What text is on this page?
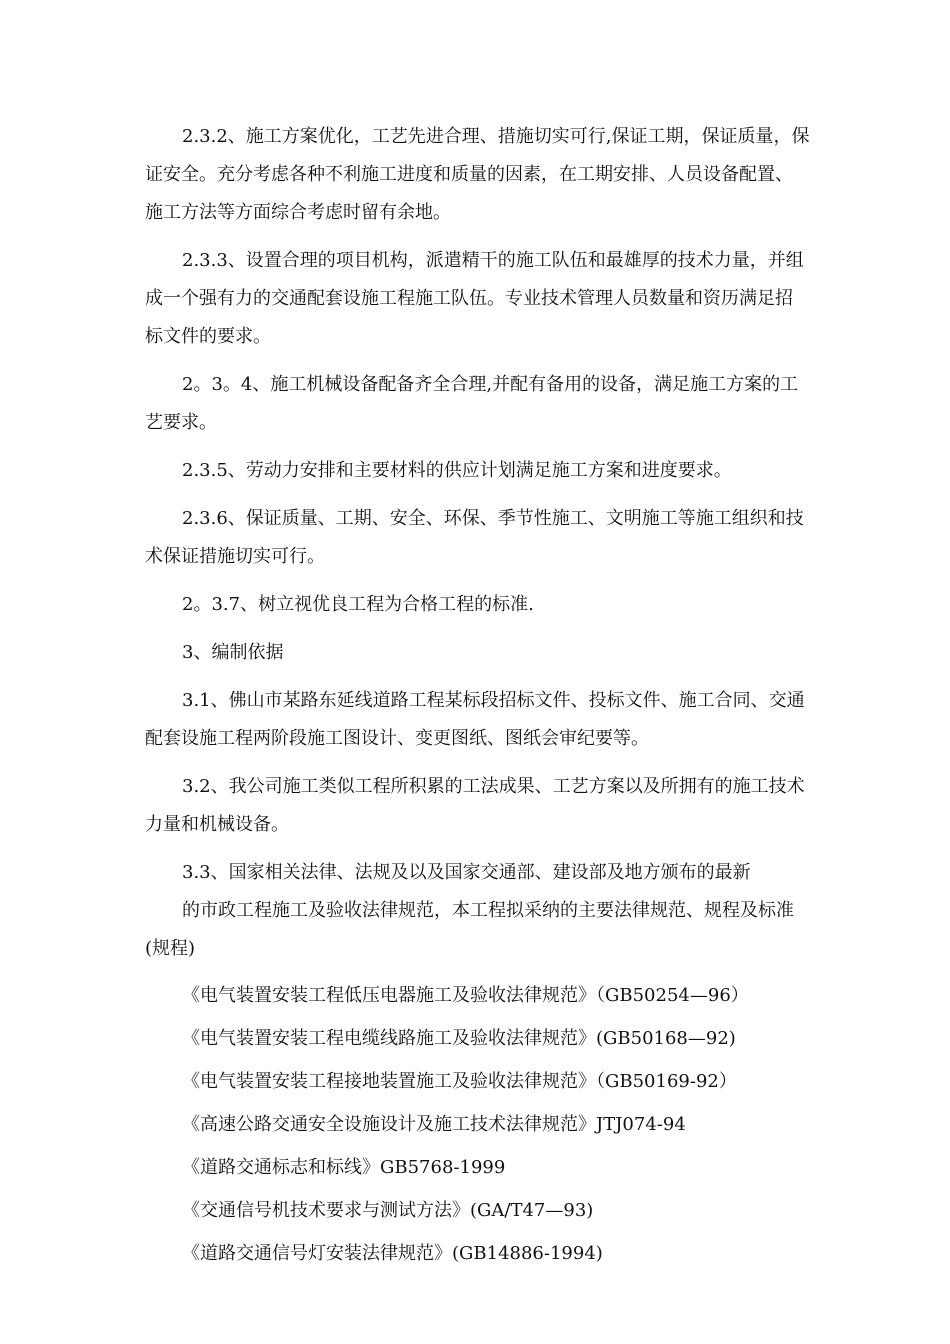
2.3.2、施工方案优化，工艺先进合理、措施切实可行,保证工期，保证质量，保证安全。充分考虑各种不利施工进度和质量的因素，在工期安排、人员设备配置、施工方法等方面综合考虑时留有余地。

2.3.3、设置合理的项目机构，派遣精干的施工队伍和最雄厚的技术力量，并组成一个强有力的交通配套设施工程施工队伍。专业技术管理人员数量和资历满足招标文件的要求。

2。3。4、施工机械设备配备齐全合理,并配有备用的设备，满足施工方案的工艺要求。

2.3.5、劳动力安排和主要材料的供应计划满足施工方案和进度要求。

2.3.6、保证质量、工期、安全、环保、季节性施工、文明施工等施工组织和技术保证措施切实可行。

2。3.7、树立视优良工程为合格工程的标准.

3、编制依据

3.1、佛山市某路东延线道路工程某标段招标文件、投标文件、施工合同、交通配套设施工程两阶段施工图设计、变更图纸、图纸会审纪要等。

3.2、我公司施工类似工程所积累的工法成果、工艺方案以及所拥有的施工技术力量和机械设备。

3.3、国家相关法律、法规及以及国家交通部、建设部及地方颁布的最新

的市政工程施工及验收法律规范，本工程拟采纳的主要法律规范、规程及标准(规程)

《电气装置安装工程低压电器施工及验收法律规范》（GB50254—96）
《电气装置安装工程电缆线路施工及验收法律规范》(GB50168—92)
《电气装置安装工程接地装置施工及验收法律规范》（GB50169-92）
《高速公路交通安全设施设计及施工技术法律规范》JTJ074-94
《道路交通标志和标线》GB5768-1999
《交通信号机技术要求与测试方法》(GA/T47—93)
《道路交通信号灯安装法律规范》(GB14886-1994)
